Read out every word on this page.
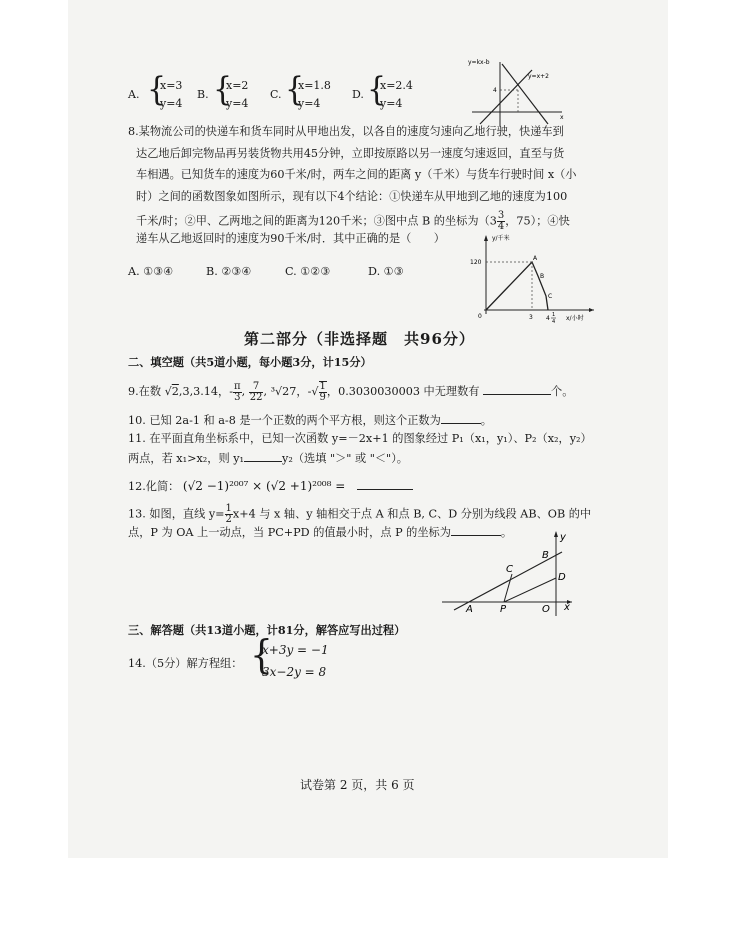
A. {
x=3
y=4
B. {
x=2
y=4
C. {
x=1.8
y=4
D. {
x=2.4
y=4
y=kx-b
y=x+2
4
x
8.某物流公司的快递车和货车同时从甲地出发，以各自的速度匀速向乙地行驶，快递车到
达乙地后卸完物品再另装货物共用45分钟，立即按原路以另一速度匀速返回，直至与货
车相遇。已知货车的速度为60千米/时，两车之间的距离 y（千米）与货车行驶时间 x（小
时）之间的函数图象如图所示，现有以下4个结论：①快递车从甲地到乙地的速度为100
千米/时；②甲、乙两地之间的距离为120千米；③图中点 B 的坐标为（$3 \frac{3}{4}$ ，75）；④快
递车从乙地返回时的速度为90千米/时．其中正确的是（　　）
A. ①③④	B. ②③④	C. ①②③	D. ①③
y/千米
x/小时
120
3 4 1
4
A
B
C
0
第二部分（非选择题　共96分）
二、填空题（共5道小题，每小题3分，计15分）
9.在数 √2,3,3.14，- $\frac{\pi}{3}$ , $\frac{7}{22}$ , ³√27，-√ $\frac{1}{9}$ ，0.3030030003 中无理数有	个。
10. 已知 2a-1 和 a-8 是一个正数的两个平方根，则这个正数为	。
11. 在平面直角坐标系中，已知一次函数 y=－2x+1 的图象经过 P₁（x₁，y₁）、P₂（x₂，y₂）
两点，若 x₁>x₂，则 y₁	y₂（选填 "＞" 或 "＜"）。
12.化简： (√2 −1)²⁰⁰⁷ × (√2 +1)²⁰⁰⁸ =
13. 如图，直线 $y= \frac{1}{2} x+4$ 与 x 轴、y 轴相交于点 A 和点 B, C、D 分别为线段 AB、OB 的中
点，P 为 OA 上一动点，当 PC+PD 的值最小时，点 P 的坐标为	。
A	P	O
B
C
D
x
y
三、解答题（共13道小题，计81分，解答应写出过程）
14.（5分）解方程组： {
x+3y = −1
3x−2y = 8
试卷第 2 页，共 6 页
